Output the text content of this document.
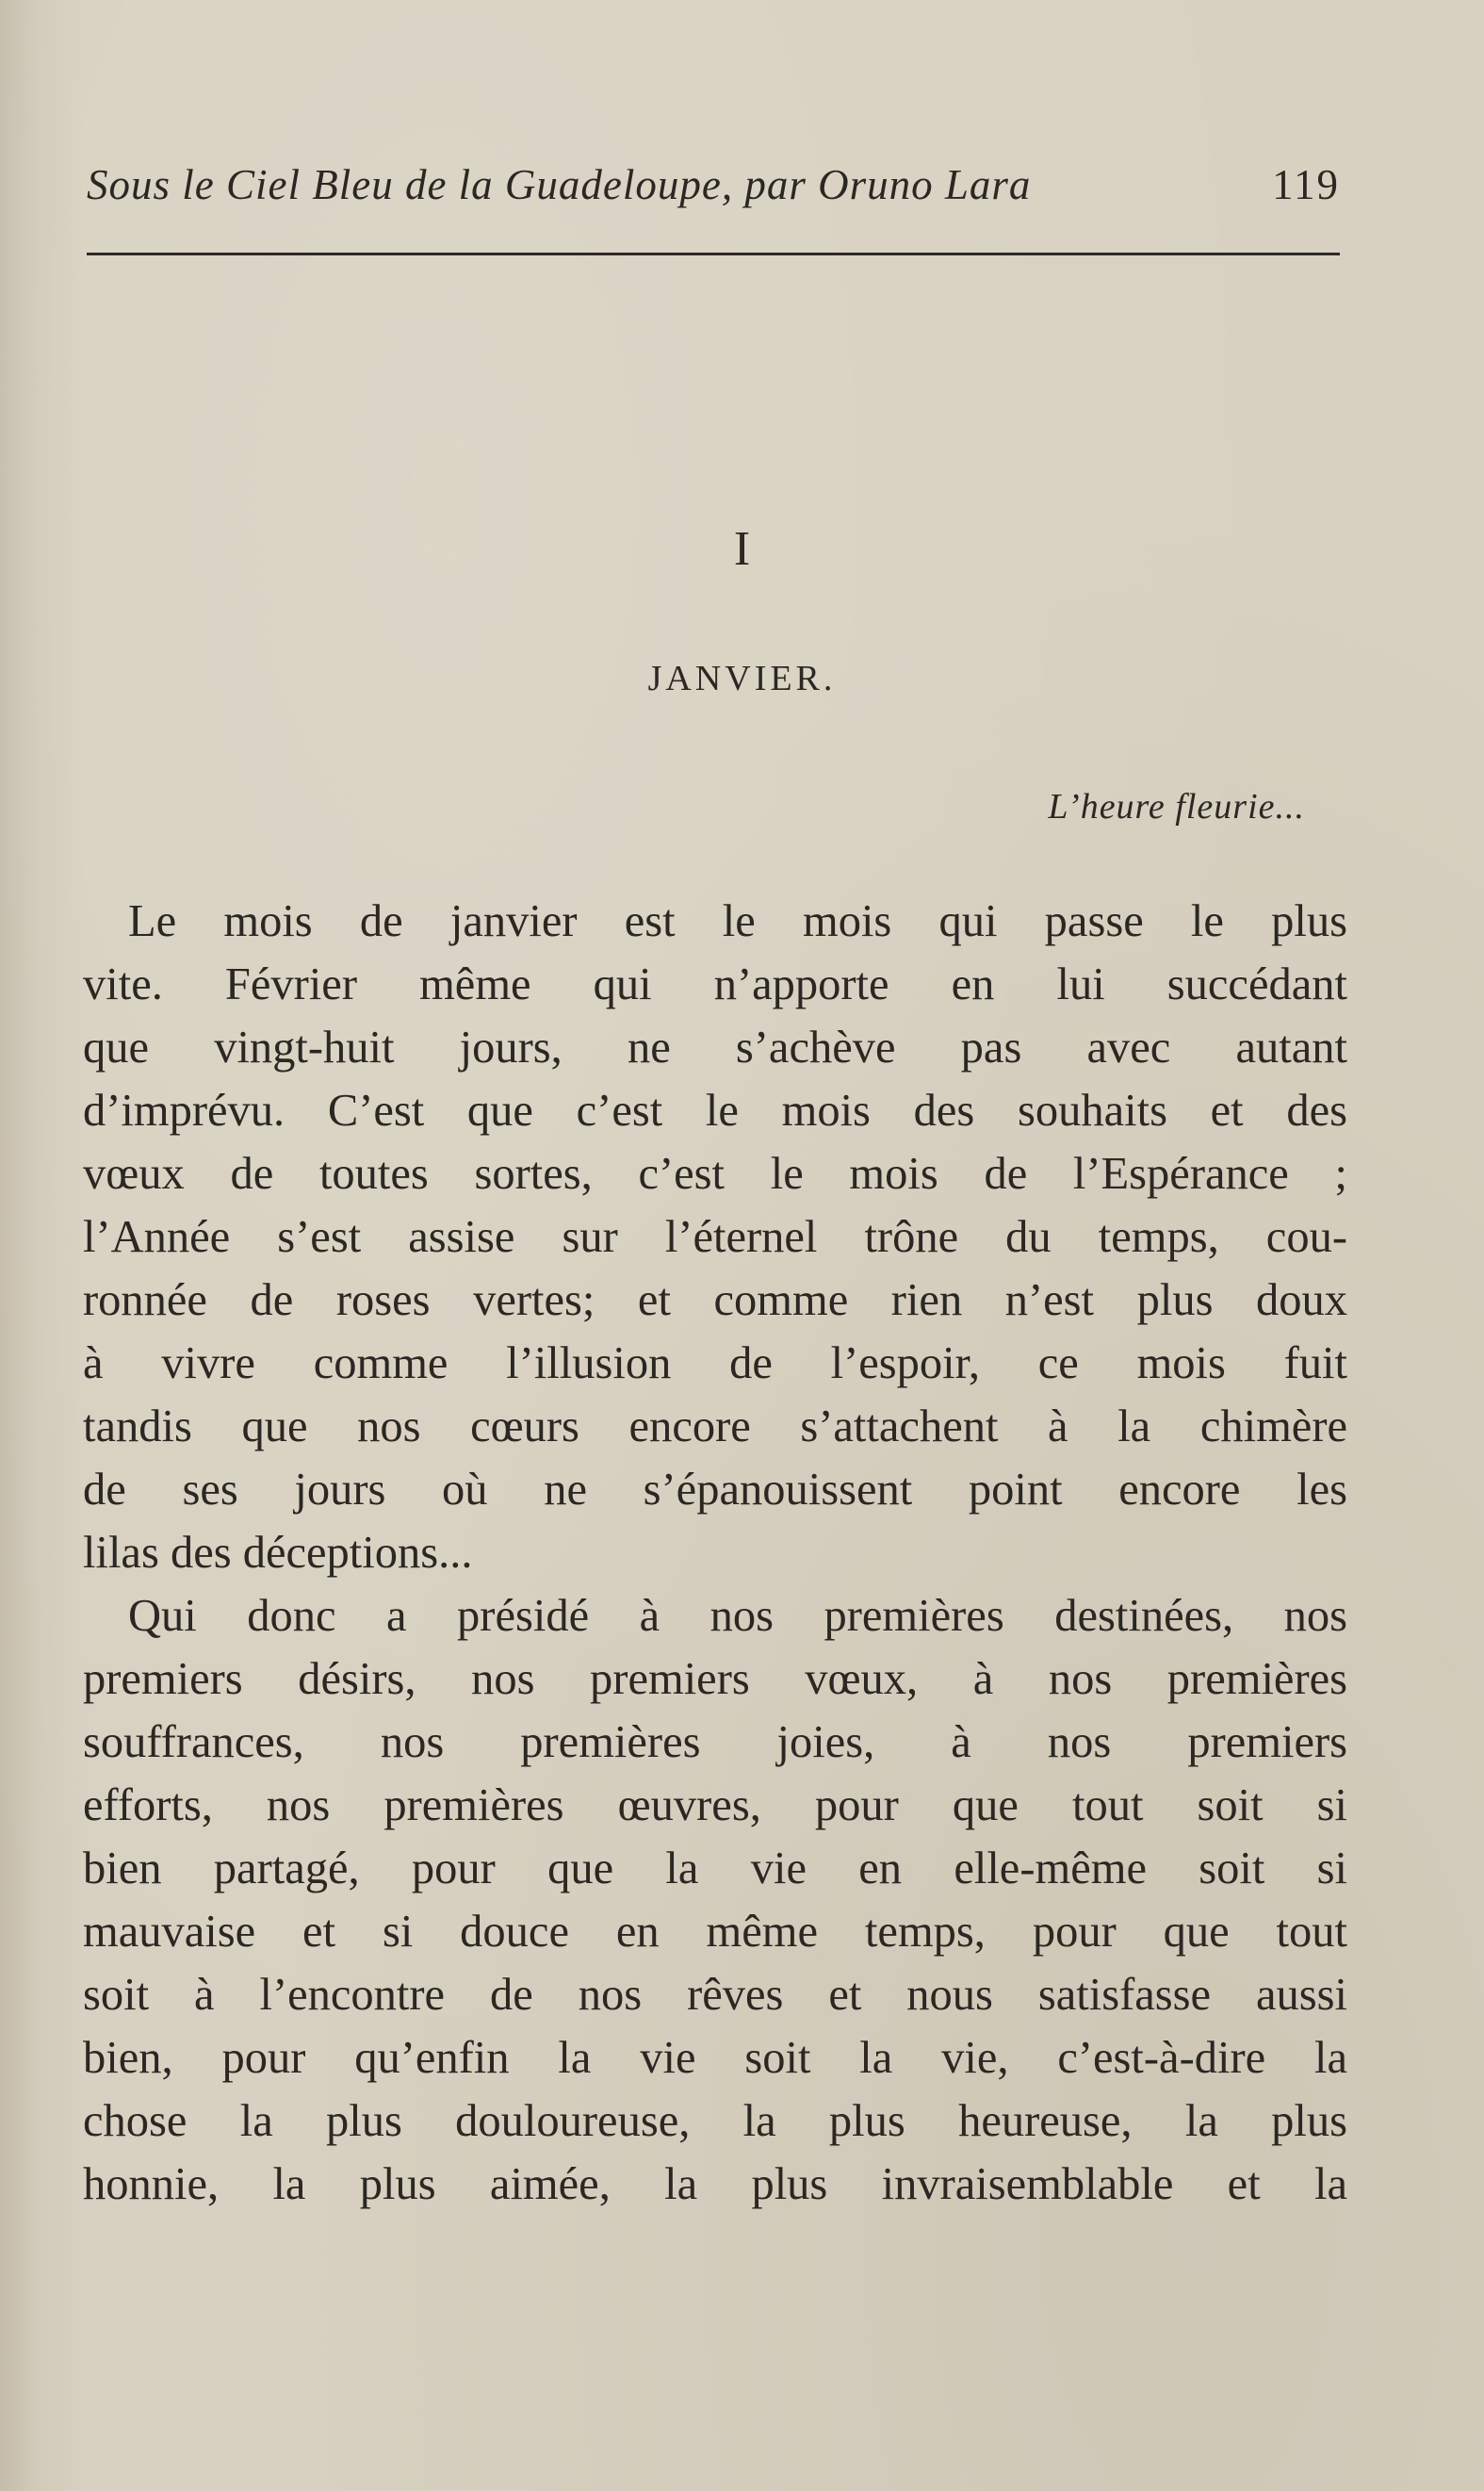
Sous le Ciel Bleu de la Guadeloupe, par Oruno Lara	119
I
JANVIER.
L’heure fleurie...
Le mois de janvier est le mois qui passe le plus
vite. Février même qui n’apporte en lui succédant
que vingt-huit jours, ne s’achève pas avec autant
d’imprévu. C’est que c’est le mois des souhaits et des
vœux de toutes sortes, c’est le mois de l’Espérance ;
l’Année s’est assise sur l’éternel trône du temps, cou-
ronnée de roses vertes; et comme rien n’est plus doux
à vivre comme l’illusion de l’espoir, ce mois fuit
tandis que nos cœurs encore s’attachent à la chimère
de ses jours où ne s’épanouissent point encore les
lilas des déceptions...
Qui donc a présidé à nos premières destinées, nos
premiers désirs, nos premiers vœux, à nos premières
souffrances, nos premières joies, à nos premiers
efforts, nos premières œuvres, pour que tout soit si
bien partagé, pour que la vie en elle-même soit si
mauvaise et si douce en même temps, pour que tout
soit à l’encontre de nos rêves et nous satisfasse aussi
bien, pour qu’enfin la vie soit la vie, c’est-à-dire la
chose la plus douloureuse, la plus heureuse, la plus
honnie, la plus aimée, la plus invraisemblable et la
